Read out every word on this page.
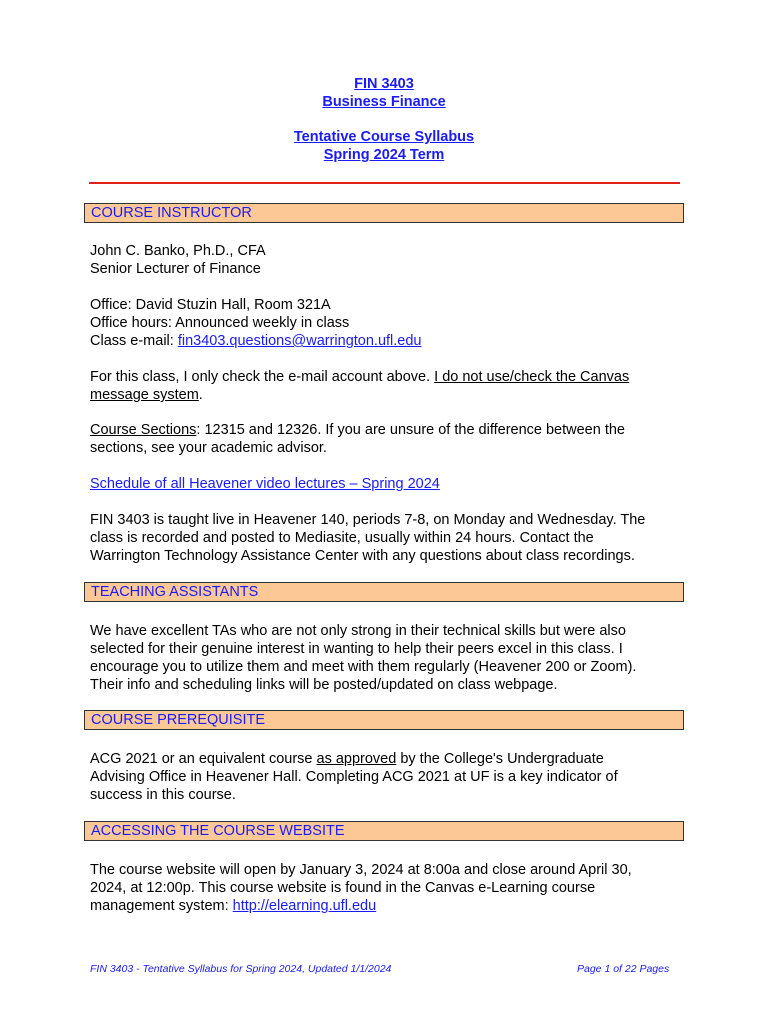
FIN 3403
Business Finance
Tentative Course Syllabus
Spring 2024 Term
COURSE INSTRUCTOR
John C. Banko, Ph.D., CFA
Senior Lecturer of Finance
Office: David Stuzin Hall, Room 321A
Office hours: Announced weekly in class
Class e-mail: fin3403.questions@warrington.ufl.edu
For this class, I only check the e-mail account above. I do not use/check the Canvas
message system.
Course Sections: 12315 and 12326. If you are unsure of the difference between the
sections, see your academic advisor.
Schedule of all Heavener video lectures – Spring 2024
FIN 3403 is taught live in Heavener 140, periods 7-8, on Monday and Wednesday. The
class is recorded and posted to Mediasite, usually within 24 hours. Contact the
Warrington Technology Assistance Center with any questions about class recordings.
TEACHING ASSISTANTS
We have excellent TAs who are not only strong in their technical skills but were also
selected for their genuine interest in wanting to help their peers excel in this class. I
encourage you to utilize them and meet with them regularly (Heavener 200 or Zoom).
Their info and scheduling links will be posted/updated on class webpage.
COURSE PREREQUISITE
ACG 2021 or an equivalent course as approved by the College's Undergraduate
Advising Office in Heavener Hall. Completing ACG 2021 at UF is a key indicator of
success in this course.
ACCESSING THE COURSE WEBSITE
The course website will open by January 3, 2024 at 8:00a and close around April 30,
2024, at 12:00p. This course website is found in the Canvas e-Learning course
management system: http://elearning.ufl.edu
FIN 3403 - Tentative Syllabus for Spring 2024, Updated 1/1/2024	Page 1 of 22 Pages
